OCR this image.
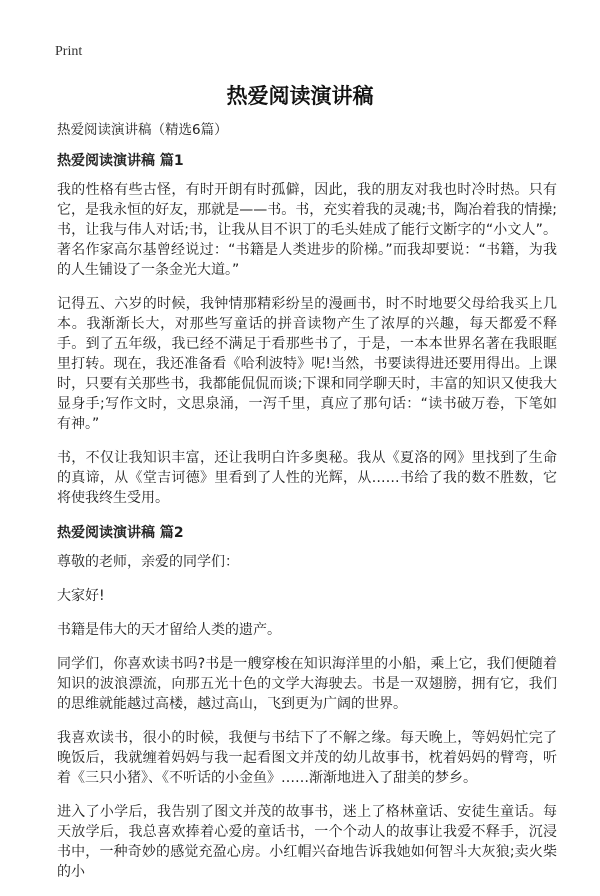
Print
热爱阅读演讲稿
热爱阅读演讲稿（精选6篇）
热爱阅读演讲稿 篇1

我的性格有些古怪，有时开朗有时孤僻，因此，我的朋友对我也时冷时热。只有它，是我永恒的好友，那就是——书。书，充实着我的灵魂;书，陶冶着我的情操;书，让我与伟人对话;书，让我从目不识丁的毛头娃成了能行文断字的“小文人”。著名作家高尔基曾经说过：“书籍是人类进步的阶梯。”而我却要说：“书籍，为我的人生铺设了一条金光大道。”

记得五、六岁的时候，我钟情那精彩纷呈的漫画书，时不时地要父母给我买上几本。我渐渐长大，对那些写童话的拼音读物产生了浓厚的兴趣，每天都爱不释手。到了五年级，我已经不满足于看那些书了，于是，一本本世界名著在我眼眶里打转。现在，我还准备看《哈利波特》呢!当然，书要读得进还要用得出。上课时，只要有关那些书，我都能侃侃而谈;下课和同学聊天时，丰富的知识又使我大显身手;写作文时，文思泉涌，一泻千里，真应了那句话：“读书破万卷，下笔如有神。”

书，不仅让我知识丰富，还让我明白许多奥秘。我从《夏洛的网》里找到了生命的真谛，从《堂吉诃德》里看到了人性的光辉，从……书给了我的数不胜数，它将使我终生受用。

热爱阅读演讲稿 篇2

尊敬的老师，亲爱的同学们：

大家好!

书籍是伟大的天才留给人类的遗产。

同学们，你喜欢读书吗?书是一艘穿梭在知识海洋里的小船，乘上它，我们便随着知识的波浪漂流，向那五光十色的文学大海驶去。书是一双翅膀，拥有它，我们的思维就能越过高楼，越过高山，飞到更为广阔的世界。

我喜欢读书，很小的时候，我便与书结下了不解之缘。每天晚上，等妈妈忙完了晚饭后，我就缠着妈妈与我一起看图文并茂的幼儿故事书，枕着妈妈的臂弯，听着《三只小猪》、《不听话的小金鱼》……渐渐地进入了甜美的梦乡。

进入了小学后，我告别了图文并茂的故事书，迷上了格林童话、安徒生童话。每天放学后，我总喜欢捧着心爱的童话书，一个个动人的故事让我爱不释手，沉浸书中，一种奇妙的感觉充盈心房。小红帽兴奋地告诉我她如何智斗大灰狼;卖火柴的小
